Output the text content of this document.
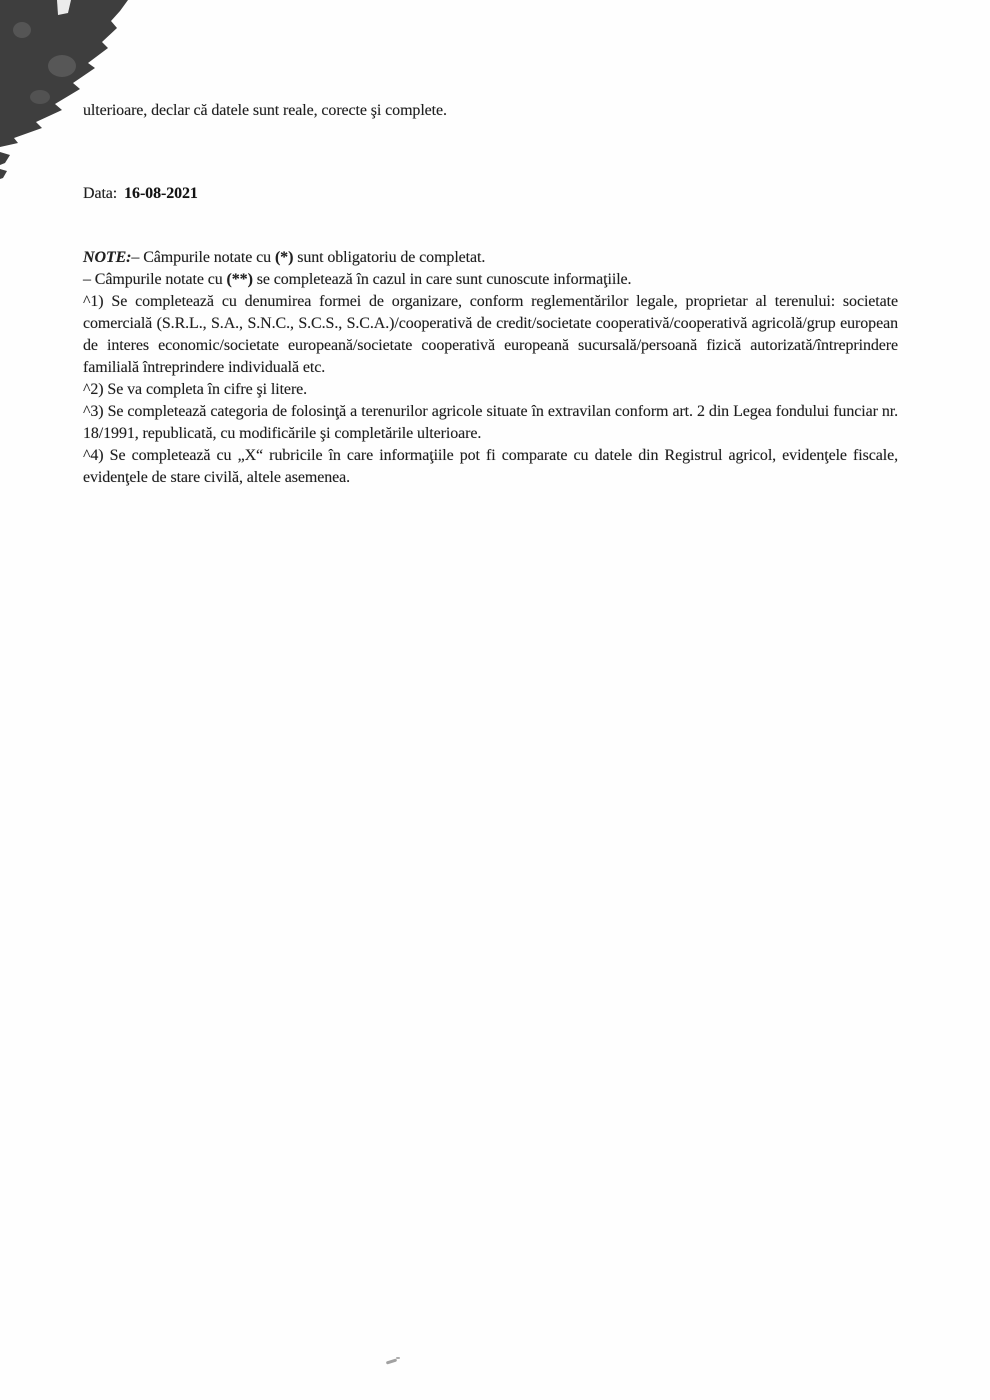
ulterioare, declar că datele sunt reale, corecte şi complete.

Data: 16-08-2021

NOTE:– Câmpurile notate cu (*) sunt obligatoriu de completat.

– Câmpurile notate cu (**) se completează în cazul in care sunt cunoscute informaţiile.

^1) Se completează cu denumirea formei de organizare, conform reglementărilor legale, proprietar al terenului: societate comercială (S.R.L., S.A., S.N.C., S.C.S., S.C.A.)/cooperativă de credit/societate cooperativă/cooperativă agricolă/grup european de interes economic/societate europeană/societate cooperativă europeană sucursală/persoană fizică autorizată/întreprindere familială întreprindere individuală etc.

^2) Se va completa în cifre şi litere.

^3) Se completează categoria de folosinţă a terenurilor agricole situate în extravilan conform art. 2 din Legea fondului funciar nr. 18/1991, republicată, cu modificările şi completările ulterioare.

^4) Se completează cu „X“ rubricile în care informaţiile pot fi comparate cu datele din Registrul agricol, evidenţele fiscale, evidenţele de stare civilă, altele asemenea.
